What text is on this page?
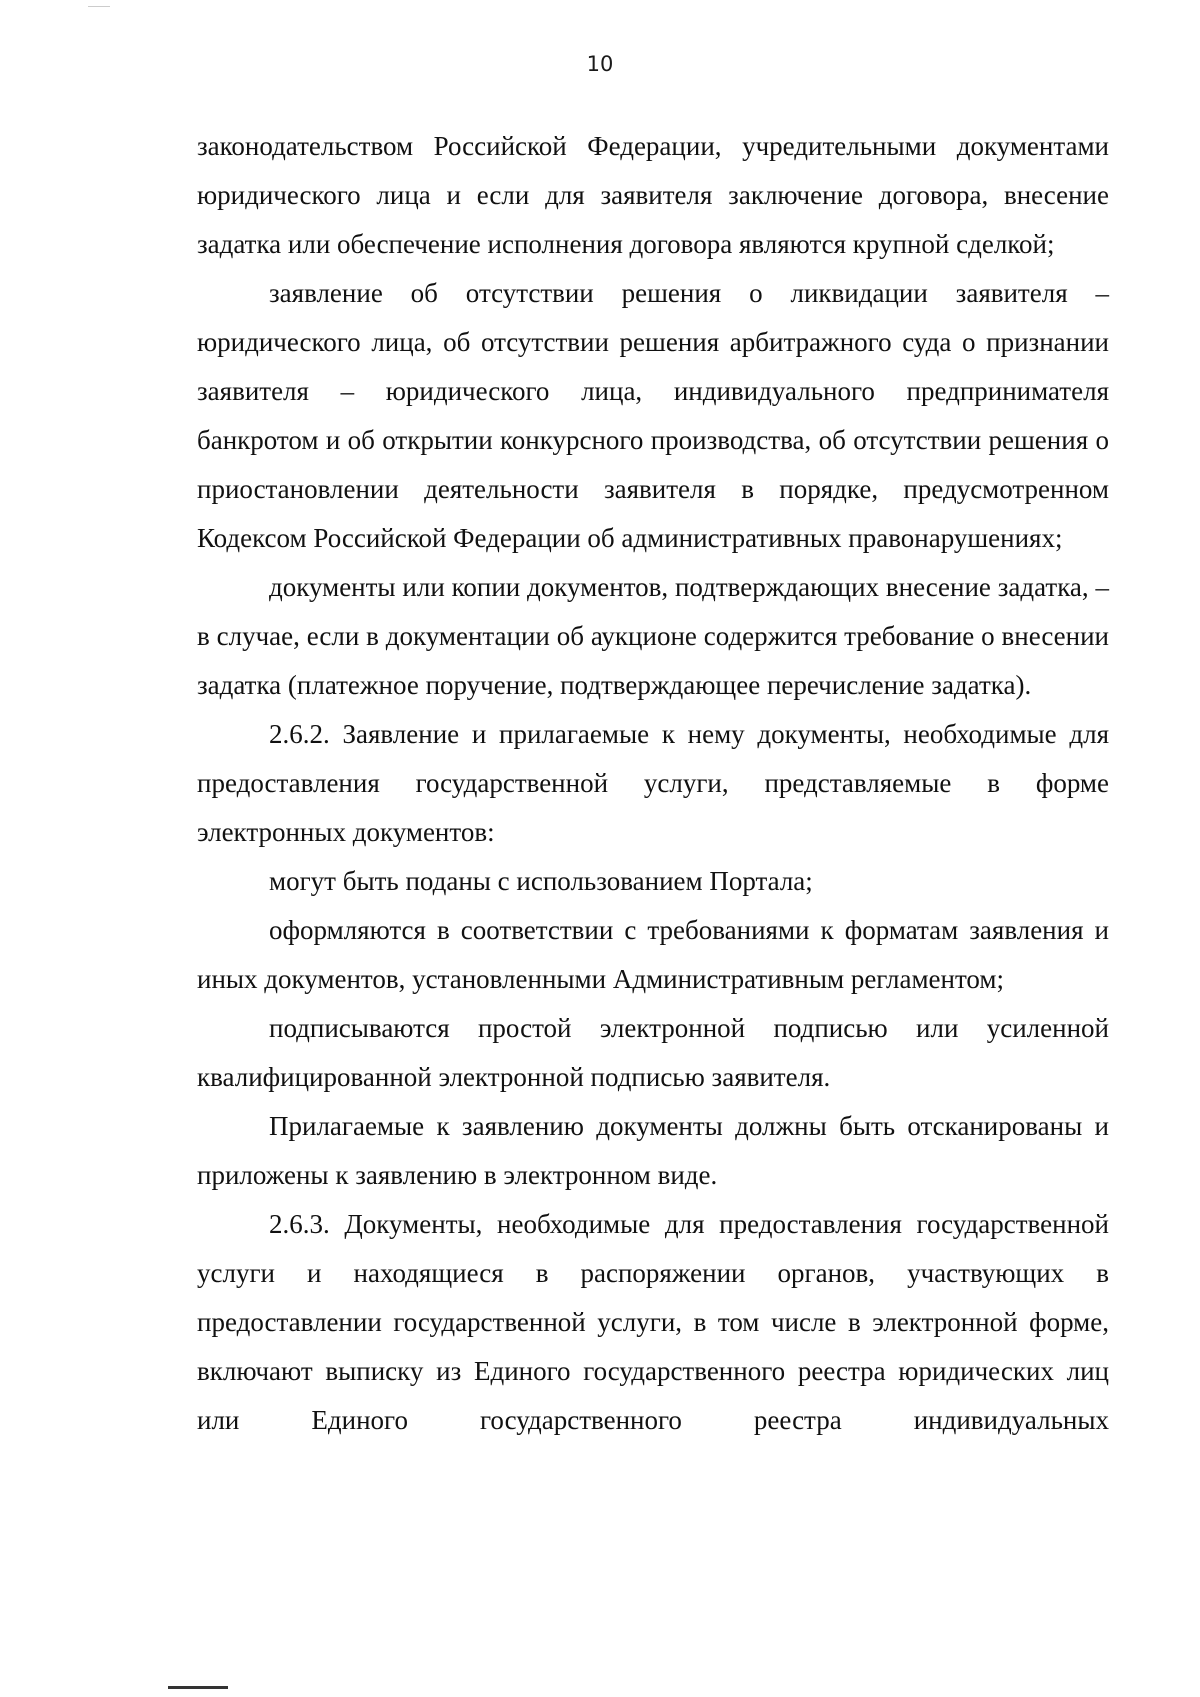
10

законодательством Российской Федерации, учредительными документами юридического лица и если для заявителя заключение договора, внесение задатка или обеспечение исполнения договора являются крупной сделкой;

заявление об отсутствии решения о ликвидации заявителя – юридического лица, об отсутствии решения арбитражного суда о признании заявителя – юридического лица, индивидуального предпринимателя банкротом и об открытии конкурсного производства, об отсутствии решения о приостановлении деятельности заявителя в порядке, предусмотренном Кодексом Российской Федерации об административных правонарушениях;

документы или копии документов, подтверждающих внесение задатка, – в случае, если в документации об аукционе содержится требование о внесении задатка (платежное поручение, подтверждающее перечисление задатка).

2.6.2. Заявление и прилагаемые к нему документы, необходимые для предоставления государственной услуги, представляемые в форме электронных документов:

могут быть поданы с использованием Портала;

оформляются в соответствии с требованиями к форматам заявления и иных документов, установленными Административным регламентом;

подписываются простой электронной подписью или усиленной квалифицированной электронной подписью заявителя.

Прилагаемые к заявлению документы должны быть отсканированы и приложены к заявлению в электронном виде.

2.6.3. Документы, необходимые для предоставления государственной услуги и находящиеся в распоряжении органов, участвующих в предоставлении государственной услуги, в том числе в электронной форме, включают выписку из Единого государственного реестра юридических лиц или Единого государственного реестра индивидуальных
